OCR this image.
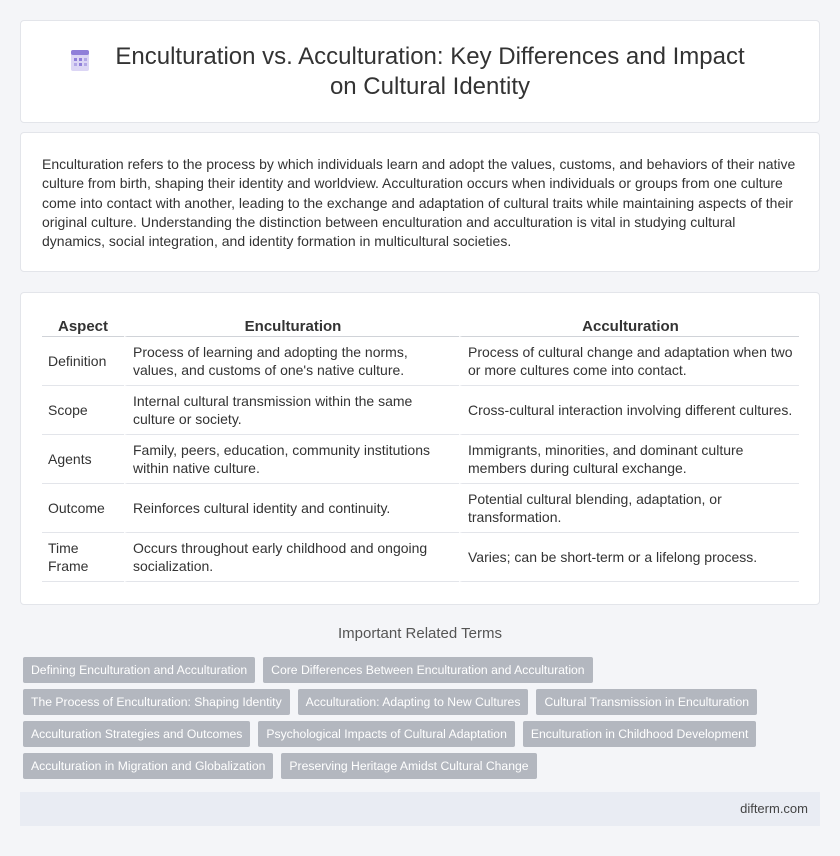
Enculturation vs. Acculturation: Key Differences and Impact on Cultural Identity

Enculturation refers to the process by which individuals learn and adopt the values, customs, and behaviors of their native culture from birth, shaping their identity and worldview. Acculturation occurs when individuals or groups from one culture come into contact with another, leading to the exchange and adaptation of cultural traits while maintaining aspects of their original culture. Understanding the distinction between enculturation and acculturation is vital in studying cultural dynamics, social integration, and identity formation in multicultural societies.

Aspect	Enculturation	Acculturation
Definition	Process of learning and adopting the norms, values, and customs of one's native culture.	Process of cultural change and adaptation when two or more cultures come into contact.
Scope	Internal cultural transmission within the same culture or society.	Cross-cultural interaction involving different cultures.
Agents	Family, peers, education, community institutions within native culture.	Immigrants, minorities, and dominant culture members during cultural exchange.
Outcome	Reinforces cultural identity and continuity.	Potential cultural blending, adaptation, or transformation.
Time Frame	Occurs throughout early childhood and ongoing socialization.	Varies; can be short-term or a lifelong process.
Important Related Terms
Defining Enculturation and Acculturation	Core Differences Between Enculturation and Acculturation
The Process of Enculturation: Shaping Identity	Acculturation: Adapting to New Cultures	Cultural Transmission in Enculturation
Acculturation Strategies and Outcomes	Psychological Impacts of Cultural Adaptation	Enculturation in Childhood Development
Acculturation in Migration and Globalization	Preserving Heritage Amidst Cultural Change
difterm.com
